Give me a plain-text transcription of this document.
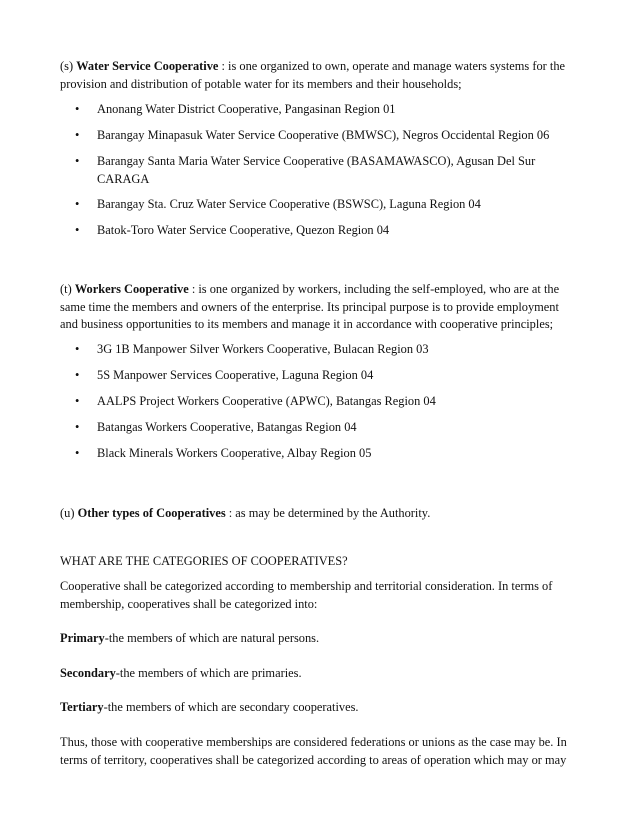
(s) Water Service Cooperative : is one organized to own, operate and manage waters systems for the provision and distribution of potable water for its members and their households;
•	Anonang Water District Cooperative, Pangasinan Region 01
•	Barangay Minapasuk Water Service Cooperative (BMWSC), Negros Occidental Region 06
•	Barangay Santa Maria Water Service Cooperative (BASAMAWASCO), Agusan Del Sur CARAGA
•	Barangay Sta. Cruz Water Service Cooperative (BSWSC), Laguna Region 04
•	Batok-Toro Water Service Cooperative, Quezon Region 04
(t) Workers Cooperative : is one organized by workers, including the self-employed, who are at the same time the members and owners of the enterprise. Its principal purpose is to provide employment and business opportunities to its members and manage it in accordance with cooperative principles;
•	3G 1B Manpower Silver Workers Cooperative, Bulacan Region 03
•	5S Manpower Services Cooperative, Laguna Region 04
•	AALPS Project Workers Cooperative (APWC), Batangas Region 04
•	Batangas Workers Cooperative, Batangas Region 04
•	Black Minerals Workers Cooperative, Albay Region 05
(u) Other types of Cooperatives : as may be determined by the Authority.
WHAT ARE THE CATEGORIES OF COOPERATIVES?
Cooperative shall be categorized according to membership and territorial consideration. In terms of membership, cooperatives shall be categorized into:
Primary-the members of which are natural persons.
Secondary-the members of which are primaries.
Tertiary-the members of which are secondary cooperatives.
Thus, those with cooperative memberships are considered federations or unions as the case may be. In terms of territory, cooperatives shall be categorized according to areas of operation which may or may
